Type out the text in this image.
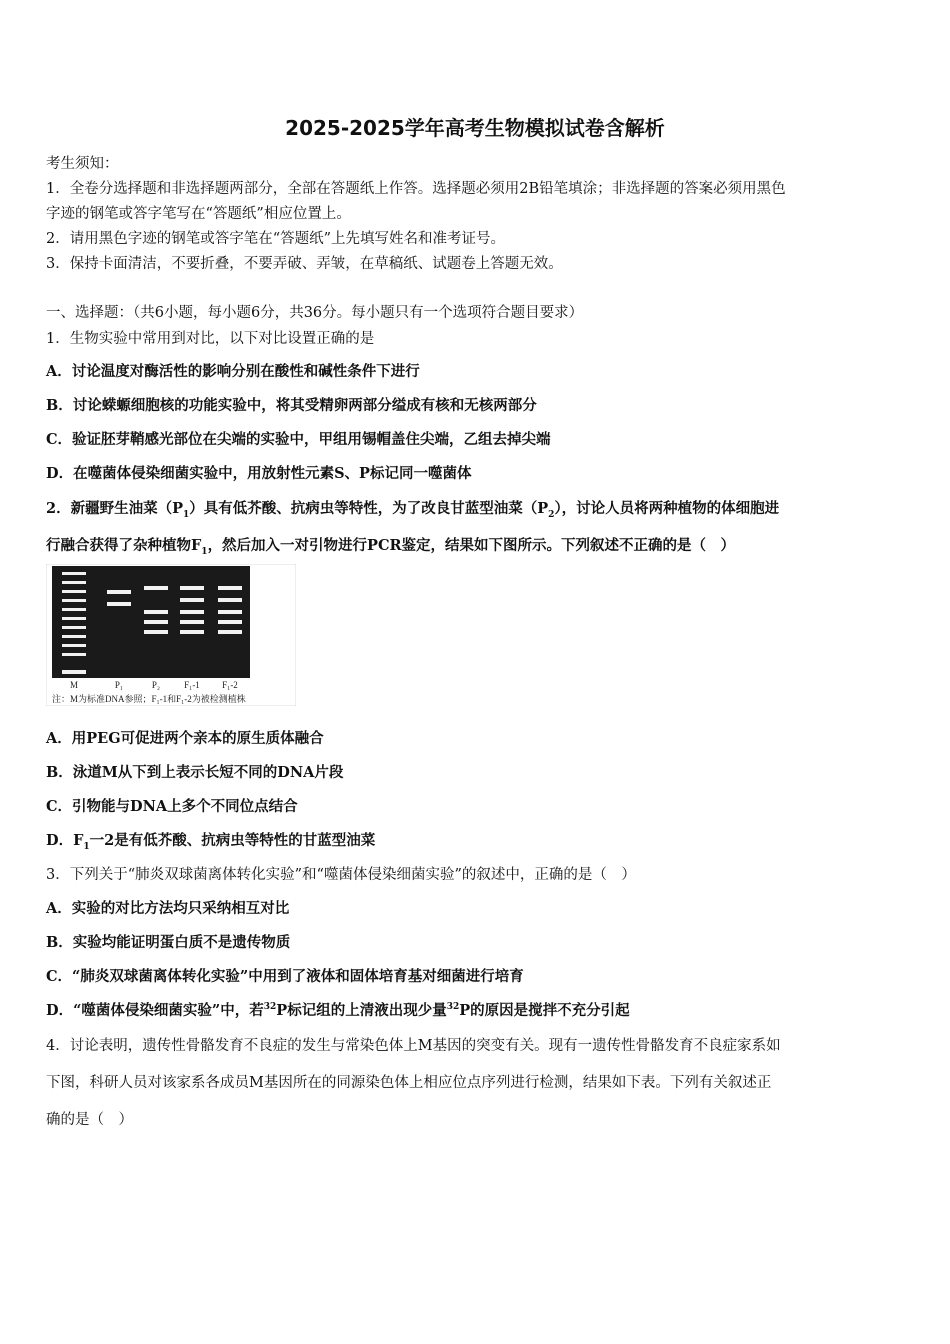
2025-2025学年高考生物模拟试卷含解析
考生须知：
1．全卷分选择题和非选择题两部分，全部在答题纸上作答。选择题必须用2B铅笔填涂；非选择题的答案必须用黑色
字迹的钢笔或答字笔写在“答题纸”相应位置上。
2．请用黑色字迹的钢笔或答字笔在“答题纸”上先填写姓名和准考证号。
3．保持卡面清洁，不要折叠，不要弄破、弄皱，在草稿纸、试题卷上答题无效。
一、选择题：（共6小题，每小题6分，共36分。每小题只有一个选项符合题目要求）
1．生物实验中常用到对比，以下对比设置正确的是
A．讨论温度对酶活性的影响分别在酸性和碱性条件下进行
B．讨论蝾螈细胞核的功能实验中，将其受精卵两部分缢成有核和无核两部分
C．验证胚芽鞘感光部位在尖端的实验中，甲组用锡帽盖住尖端，乙组去掉尖端
D．在噬菌体侵染细菌实验中，用放射性元素S、P标记同一噬菌体
2．新疆野生油菜$(P_1)$具有低芥酸、抗病虫等特性，为了改良甘蓝型油菜$(P_2)$，讨论人员将两种植物的体细胞进
行融合获得了杂种植物$F_1$，然后加入一对引物进行PCR鉴定，结果如下图所示。下列叙述不正确的是（　）
M	P₁	P₂	F₁-1 F₁-2
注：M为标准DNA参照；F₁-1和F₁-2为被检测植株
A．用PEG可促进两个亲本的原生质体融合
B．泳道M从下到上表示长短不同的DNA片段
C．引物能与DNA上多个不同位点结合
D．$F_1$一2是有低芥酸、抗病虫等特性的甘蓝型油菜
3．下列关于“肺炎双球菌离体转化实验”和“噬菌体侵染细菌实验”的叙述中，正确的是（　）
A．实验的对比方法均只采纳相互对比
B．实验均能证明蛋白质不是遗传物质
C．“肺炎双球菌离体转化实验”中用到了液体和固体培育基对细菌进行培育
D．“噬菌体侵染细菌实验”中，若$^{32}$P标记组的上清液出现少量$^{32}$P的原因是搅拌不充分引起
4．讨论表明，遗传性骨骼发育不良症的发生与常染色体上M基因的突变有关。现有一遗传性骨骼发育不良症家系如
下图，科研人员对该家系各成员M基因所在的同源染色体上相应位点序列进行检测，结果如下表。下列有关叙述正
确的是（　）
